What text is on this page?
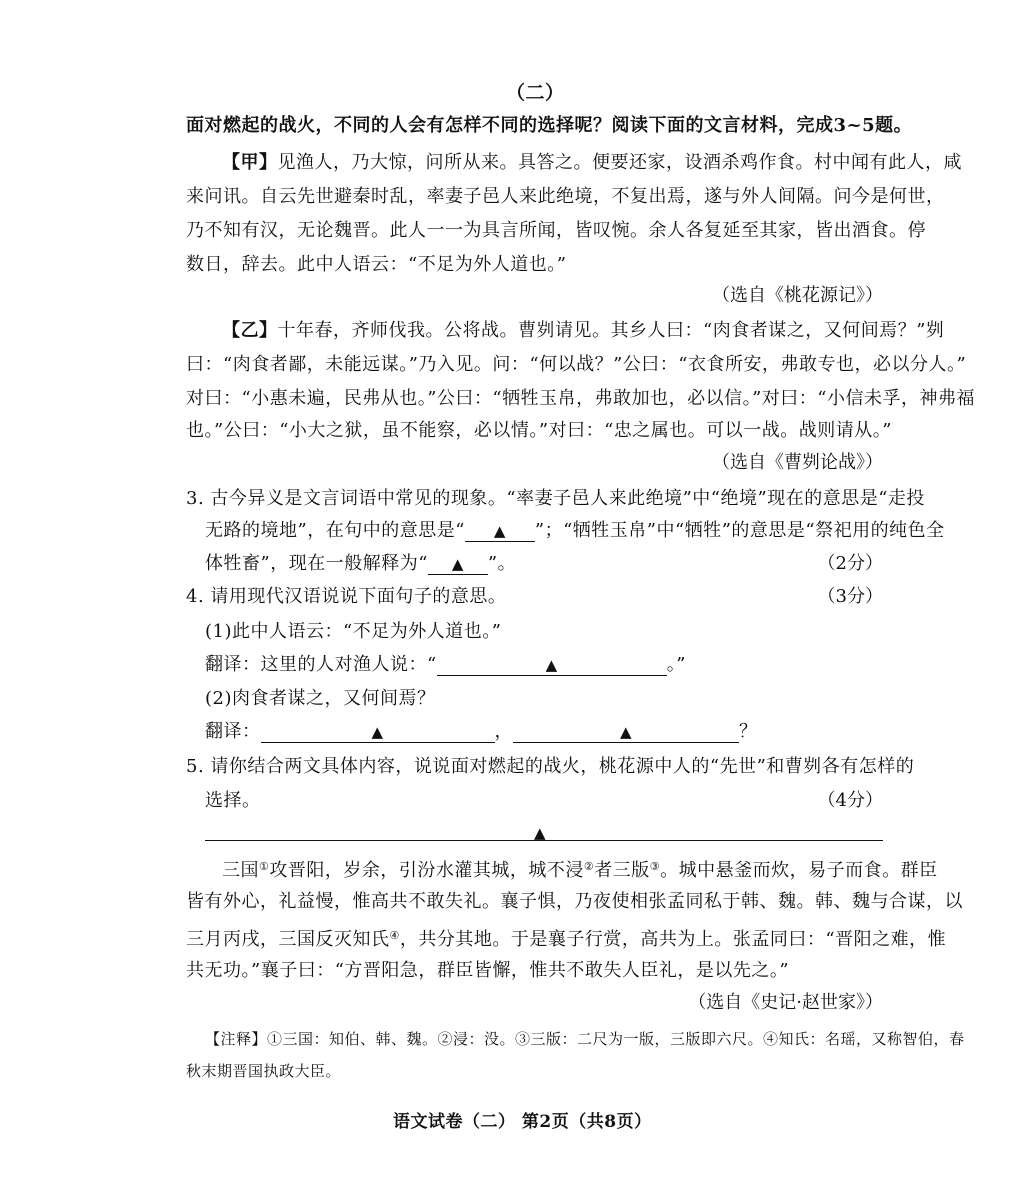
（二）
面对燃起的战火，不同的人会有怎样不同的选择呢？阅读下面的文言材料，完成3~5题。
【甲】见渔人，乃大惊，问所从来。具答之。便要还家，设酒杀鸡作食。村中闻有此人，咸
来问讯。自云先世避秦时乱，率妻子邑人来此绝境，不复出焉，遂与外人间隔。问今是何世，
乃不知有汉，无论魏晋。此人一一为具言所闻，皆叹惋。余人各复延至其家，皆出酒食。停
数日，辞去。此中人语云：“不足为外人道也。”
（选自《桃花源记》）
【乙】十年春，齐师伐我。公将战。曹刿请见。其乡人曰：“肉食者谋之，又何间焉？”刿
曰：“肉食者鄙，未能远谋。”乃入见。问：“何以战？”公曰：“衣食所安，弗敢专也，必以分人。”
对曰：“小惠未遍，民弗从也。”公曰：“牺牲玉帛，弗敢加也，必以信。”对曰：“小信未孚，神弗福
也。”公曰：“小大之狱，虽不能察，必以情。”对曰：“忠之属也。可以一战。战则请从。”
（选自《曹刿论战》）
3. 古今异义是文言词语中常见的现象。“率妻子邑人来此绝境”中“绝境”现在的意思是“走投
无路的境地”，在句中的意思是“ ▲ ”；“牺牲玉帛”中“牺牲”的意思是“祭祀用的纯色全
体牲畜”，现在一般解释为“ ▲ ”。	（2分）
4. 请用现代汉语说说下面句子的意思。	（3分）
(1)此中人语云：“不足为外人道也。”
翻译：这里的人对渔人说：“	▲	。”
(2)肉食者谋之，又何间焉？
翻译：	▲	，	▲	？
5. 请你结合两文具体内容，说说面对燃起的战火，桃花源中人的“先世”和曹刿各有怎样的
选择。	（4分）
▲
三国①攻晋阳，岁余，引汾水灌其城，城不浸②者三版③。城中悬釜而炊，易子而食。群臣
皆有外心，礼益慢，惟高共不敢失礼。襄子惧，乃夜使相张孟同私于韩、魏。韩、魏与合谋，以
三月丙戌，三国反灭知氏④，共分其地。于是襄子行赏，高共为上。张孟同曰：“晋阳之难，惟
共无功。”襄子曰：“方晋阳急，群臣皆懈，惟共不敢失人臣礼，是以先之。”
（选自《史记·赵世家》）
【注释】①三国：知伯、韩、魏。②浸：没。③三版：二尺为一版，三版即六尺。④知氏：名瑶，又称智伯，春
秋末期晋国执政大臣。
语文试卷（二） 第2页（共8页）
